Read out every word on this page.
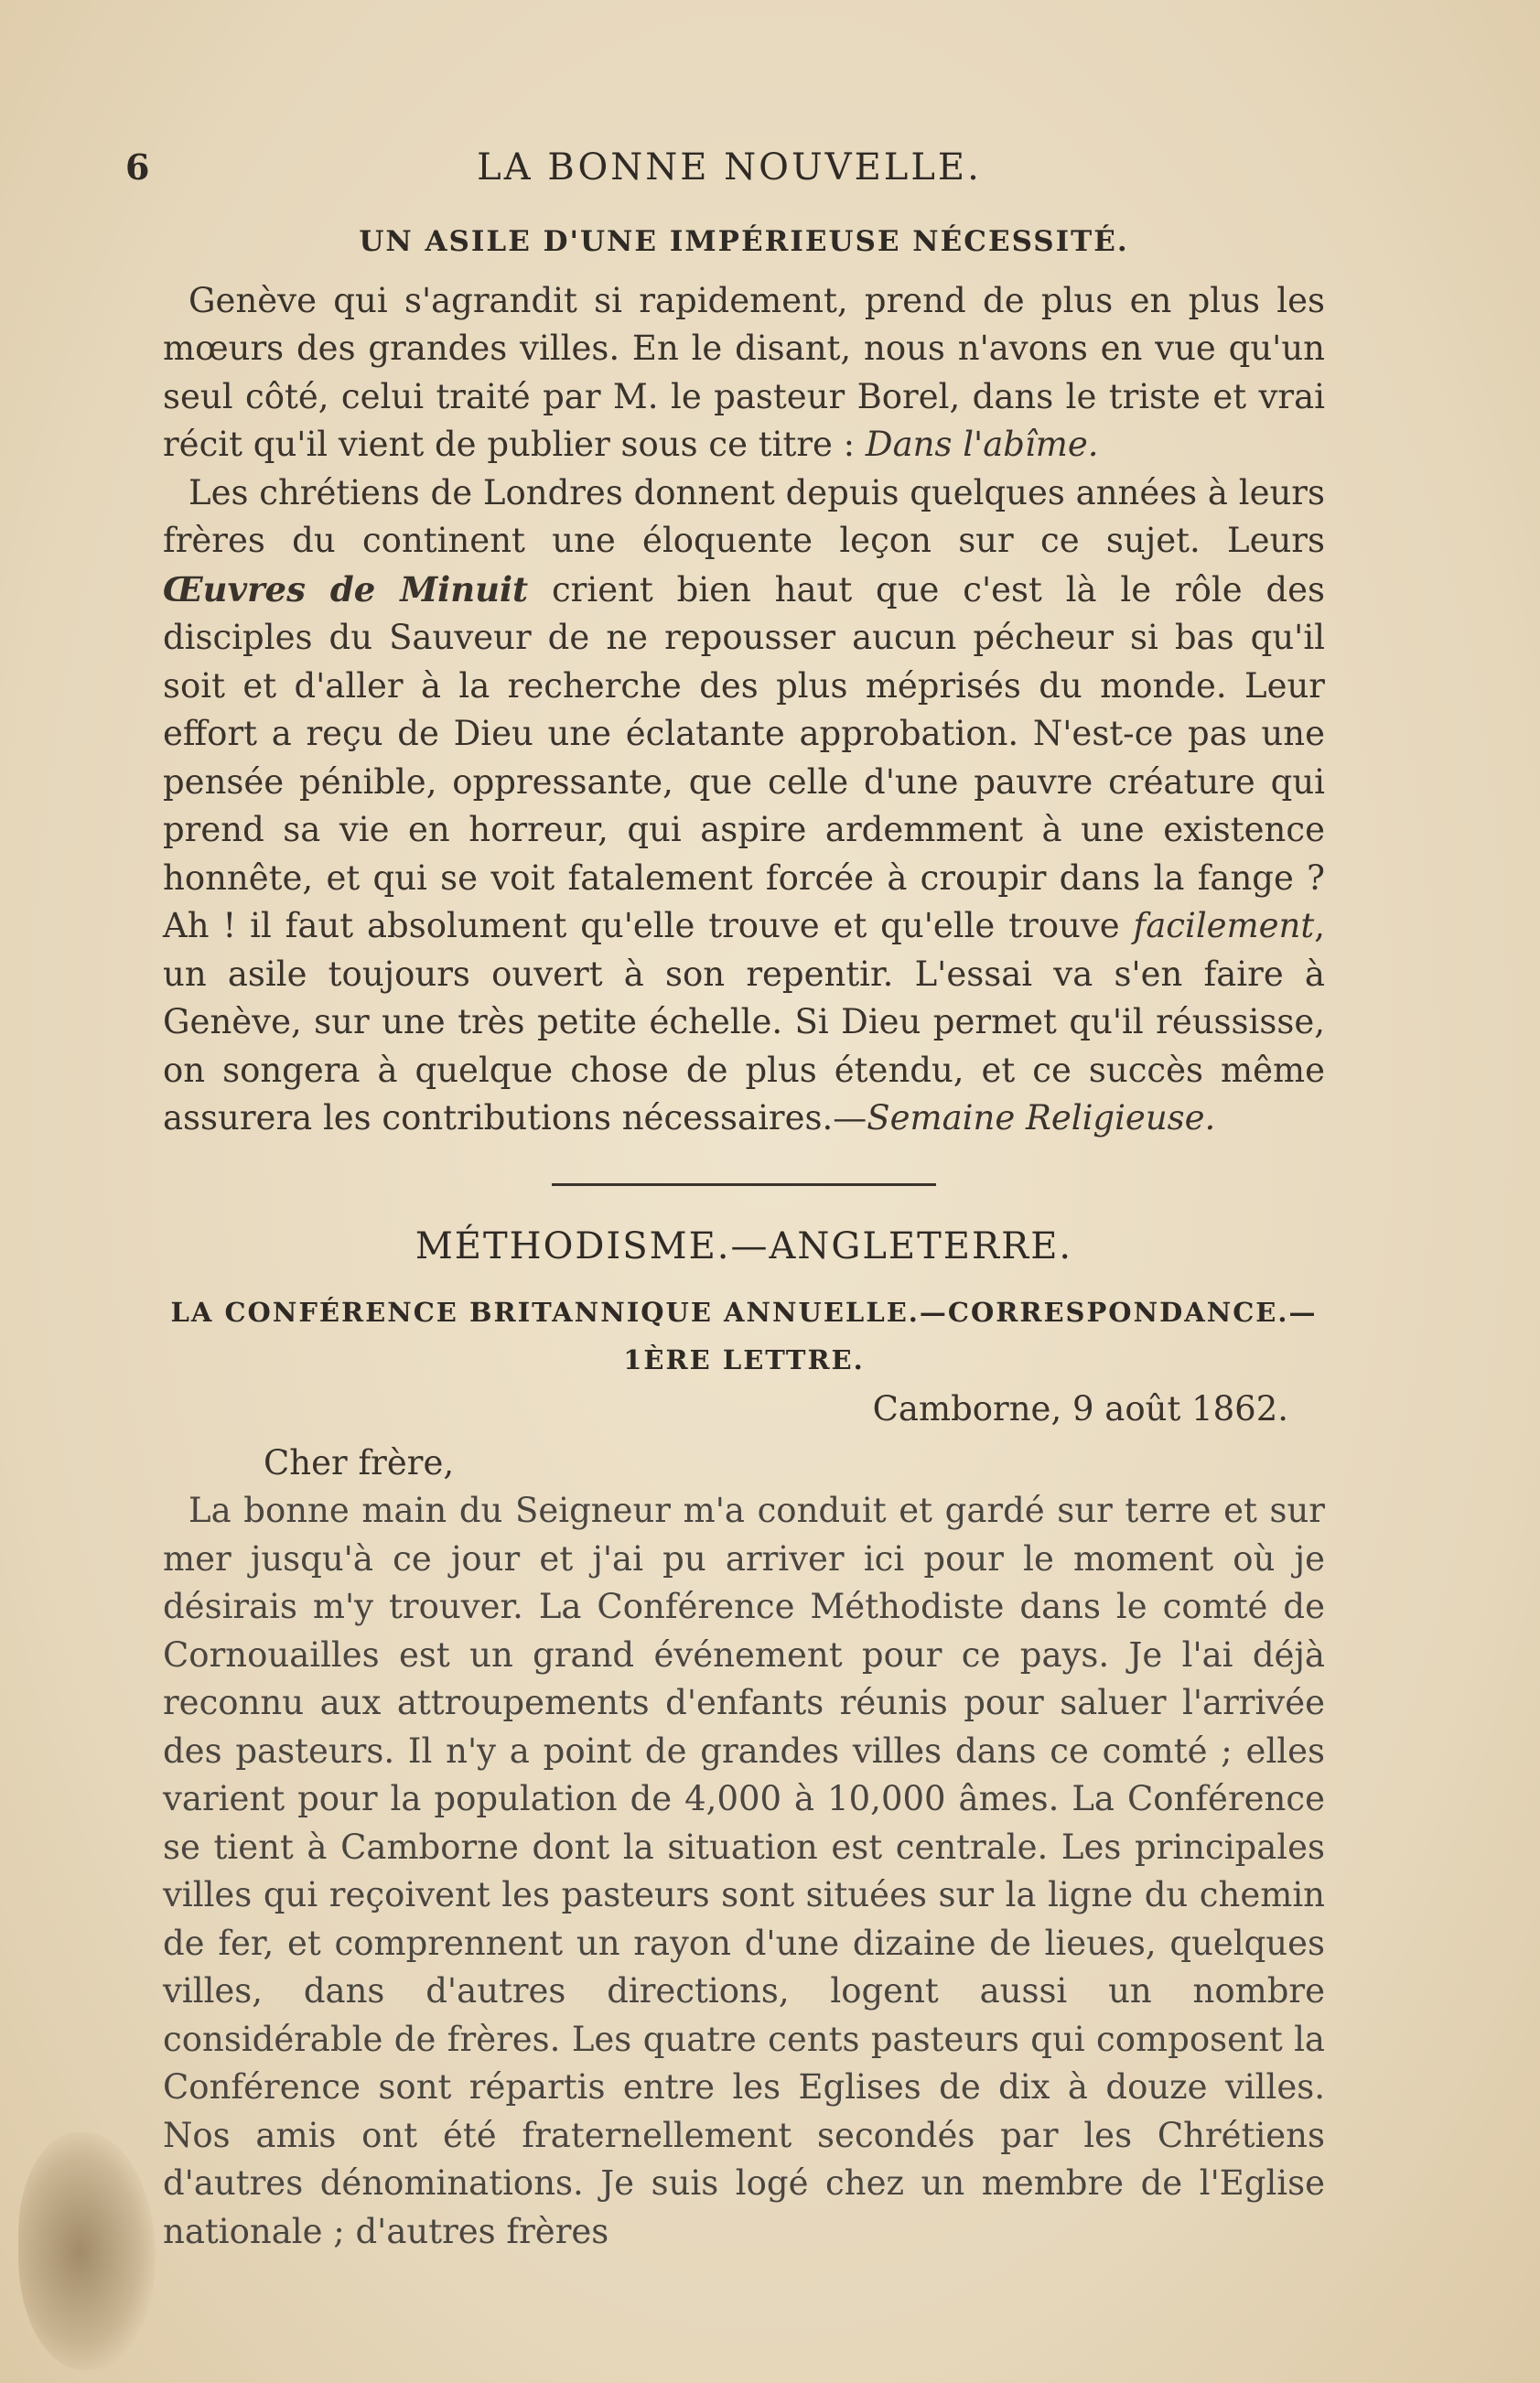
6	LA BONNE NOUVELLE.
UN ASILE D'UNE IMPÉRIEUSE NÉCESSITÉ.

Genève qui s'agrandit si rapidement, prend de plus en plus les mœurs des grandes villes. En le disant, nous n'avons en vue qu'un seul côté, celui traité par M. le pasteur Borel, dans le triste et vrai récit qu'il vient de publier sous ce titre : Dans l'abîme.

Les chrétiens de Londres donnent depuis quelques années à leurs frères du continent une éloquente leçon sur ce sujet. Leurs Œuvres de Minuit crient bien haut que c'est là le rôle des disciples du Sauveur de ne repousser aucun pécheur si bas qu'il soit et d'aller à la recherche des plus méprisés du monde. Leur effort a reçu de Dieu une éclatante approbation. N'est-ce pas une pensée pénible, oppressante, que celle d'une pauvre créature qui prend sa vie en horreur, qui aspire ardemment à une existence honnête, et qui se voit fatalement forcée à croupir dans la fange ? Ah ! il faut absolument qu'elle trouve et qu'elle trouve facilement, un asile toujours ouvert à son repentir. L'essai va s'en faire à Genève, sur une très petite échelle. Si Dieu permet qu'il réussisse, on songera à quelque chose de plus étendu, et ce succès même assurera les contributions nécessaires.—Semaine Religieuse.

MÉTHODISME.—ANGLETERRE.
LA CONFÉRENCE BRITANNIQUE ANNUELLE.—CORRESPONDANCE.—1ÈRE LETTRE.
Camborne, 9 août 1862.
Cher frère,

La bonne main du Seigneur m'a conduit et gardé sur terre et sur mer jusqu'à ce jour et j'ai pu arriver ici pour le moment où je désirais m'y trouver. La Conférence Méthodiste dans le comté de Cornouailles est un grand événement pour ce pays. Je l'ai déjà reconnu aux attroupements d'enfants réunis pour saluer l'arrivée des pasteurs. Il n'y a point de grandes villes dans ce comté ; elles varient pour la population de 4,000 à 10,000 âmes. La Conférence se tient à Camborne dont la situation est centrale. Les principales villes qui reçoivent les pasteurs sont situées sur la ligne du chemin de fer, et comprennent un rayon d'une dizaine de lieues, quelques villes, dans d'autres directions, logent aussi un nombre considérable de frères. Les quatre cents pasteurs qui composent la Conférence sont répartis entre les Eglises de dix à douze villes. Nos amis ont été fraternellement secondés par les Chrétiens d'autres dénominations. Je suis logé chez un membre de l'Eglise nationale ; d'autres frères
